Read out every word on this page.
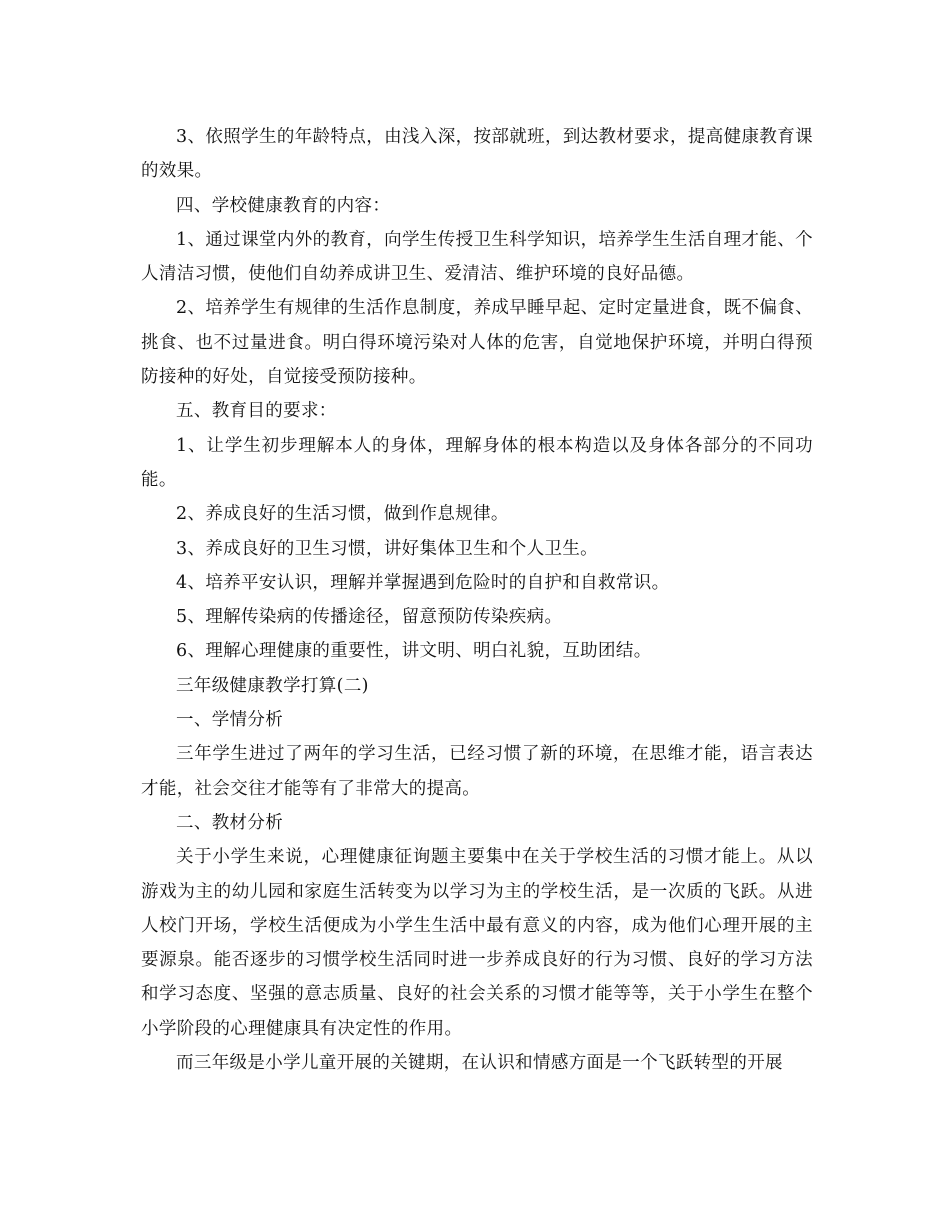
3、依照学生的年龄特点，由浅入深，按部就班，到达教材要求，提高健康教育课的效果。

四、学校健康教育的内容：

1、通过课堂内外的教育，向学生传授卫生科学知识，培养学生生活自理才能、个人清洁习惯，使他们自幼养成讲卫生、爱清洁、维护环境的良好品德。

2、培养学生有规律的生活作息制度，养成早睡早起、定时定量进食，既不偏食、挑食、也不过量进食。明白得环境污染对人体的危害，自觉地保护环境，并明白得预防接种的好处，自觉接受预防接种。

五、教育目的要求：

1、让学生初步理解本人的身体，理解身体的根本构造以及身体各部分的不同功能。

2、养成良好的生活习惯，做到作息规律。

3、养成良好的卫生习惯，讲好集体卫生和个人卫生。

4、培养平安认识，理解并掌握遇到危险时的自护和自救常识。

5、理解传染病的传播途径，留意预防传染疾病。

6、理解心理健康的重要性，讲文明、明白礼貌，互助团结。

三年级健康教学打算(二)

一、学情分析

三年学生进过了两年的学习生活，已经习惯了新的环境，在思维才能，语言表达才能，社会交往才能等有了非常大的提高。

二、教材分析

关于小学生来说，心理健康征询题主要集中在关于学校生活的习惯才能上。从以游戏为主的幼儿园和家庭生活转变为以学习为主的学校生活，是一次质的飞跃。从进人校门开场，学校生活便成为小学生生活中最有意义的内容，成为他们心理开展的主要源泉。能否逐步的习惯学校生活同时进一步养成良好的行为习惯、良好的学习方法和学习态度、坚强的意志质量、良好的社会关系的习惯才能等等，关于小学生在整个小学阶段的心理健康具有决定性的作用。

而三年级是小学儿童开展的关键期，在认识和情感方面是一个飞跃转型的开展
